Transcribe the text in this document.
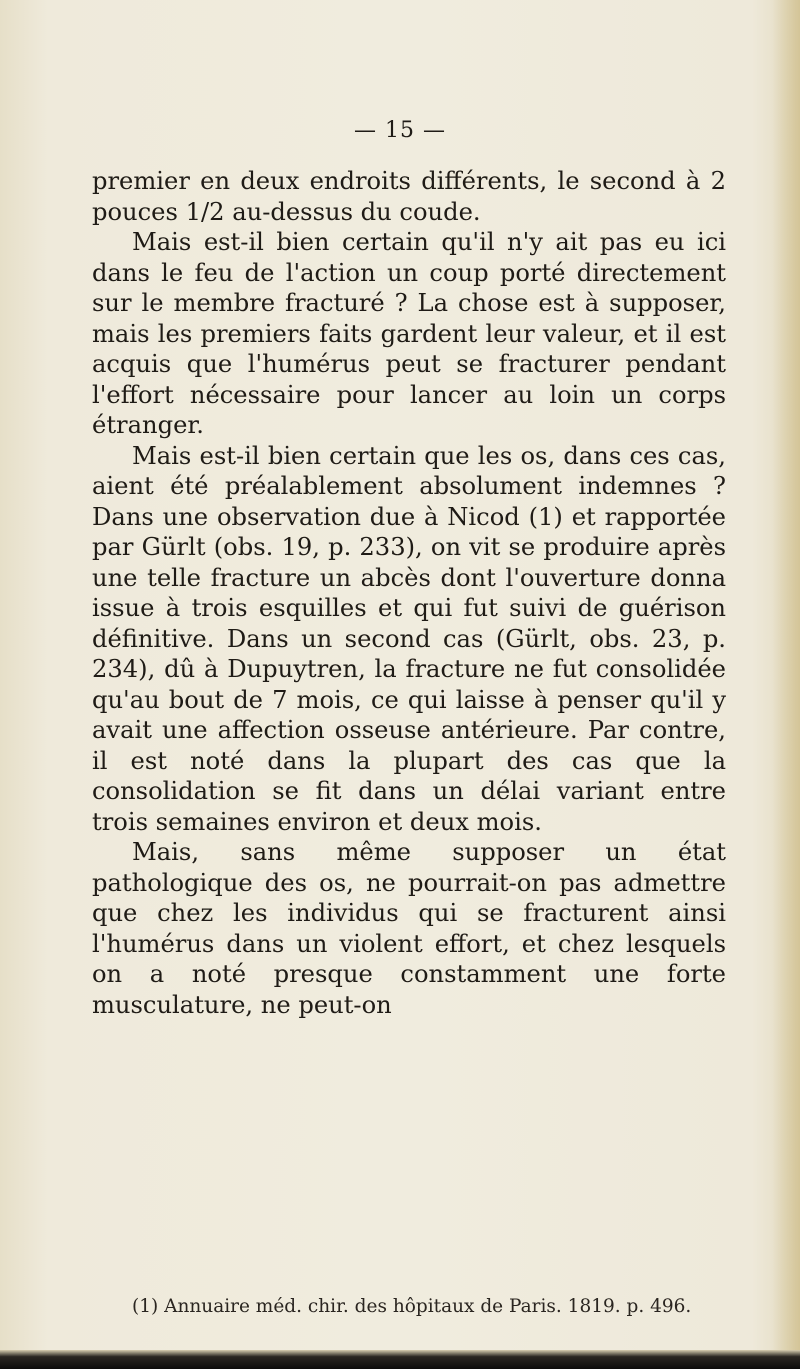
— 15 —

premier en deux endroits différents, le second à 2 pouces 1/2 au-dessus du coude.

Mais est-il bien certain qu'il n'y ait pas eu ici dans le feu de l'action un coup porté directement sur le membre fracturé ? La chose est à supposer, mais les premiers faits gardent leur valeur, et il est acquis que l'humérus peut se fracturer pendant l'effort nécessaire pour lancer au loin un corps étranger.

Mais est-il bien certain que les os, dans ces cas, aient été préalablement absolument indemnes ? Dans une observation due à Nicod (1) et rapportée par Gürlt (obs. 19, p. 233), on vit se produire après une telle fracture un abcès dont l'ouverture donna issue à trois esquilles et qui fut suivi de guérison définitive. Dans un second cas (Gürlt, obs. 23, p. 234), dû à Dupuytren, la fracture ne fut consolidée qu'au bout de 7 mois, ce qui laisse à penser qu'il y avait une affection osseuse antérieure. Par contre, il est noté dans la plupart des cas que la consolidation se fit dans un délai variant entre trois semaines environ et deux mois.

Mais, sans même supposer un état pathologique des os, ne pourrait-on pas admettre que chez les individus qui se fracturent ainsi l'humérus dans un violent effort, et chez lesquels on a noté presque constamment une forte musculature, ne peut-on

(1) Annuaire méd. chir. des hôpitaux de Paris. 1819. p. 496.
